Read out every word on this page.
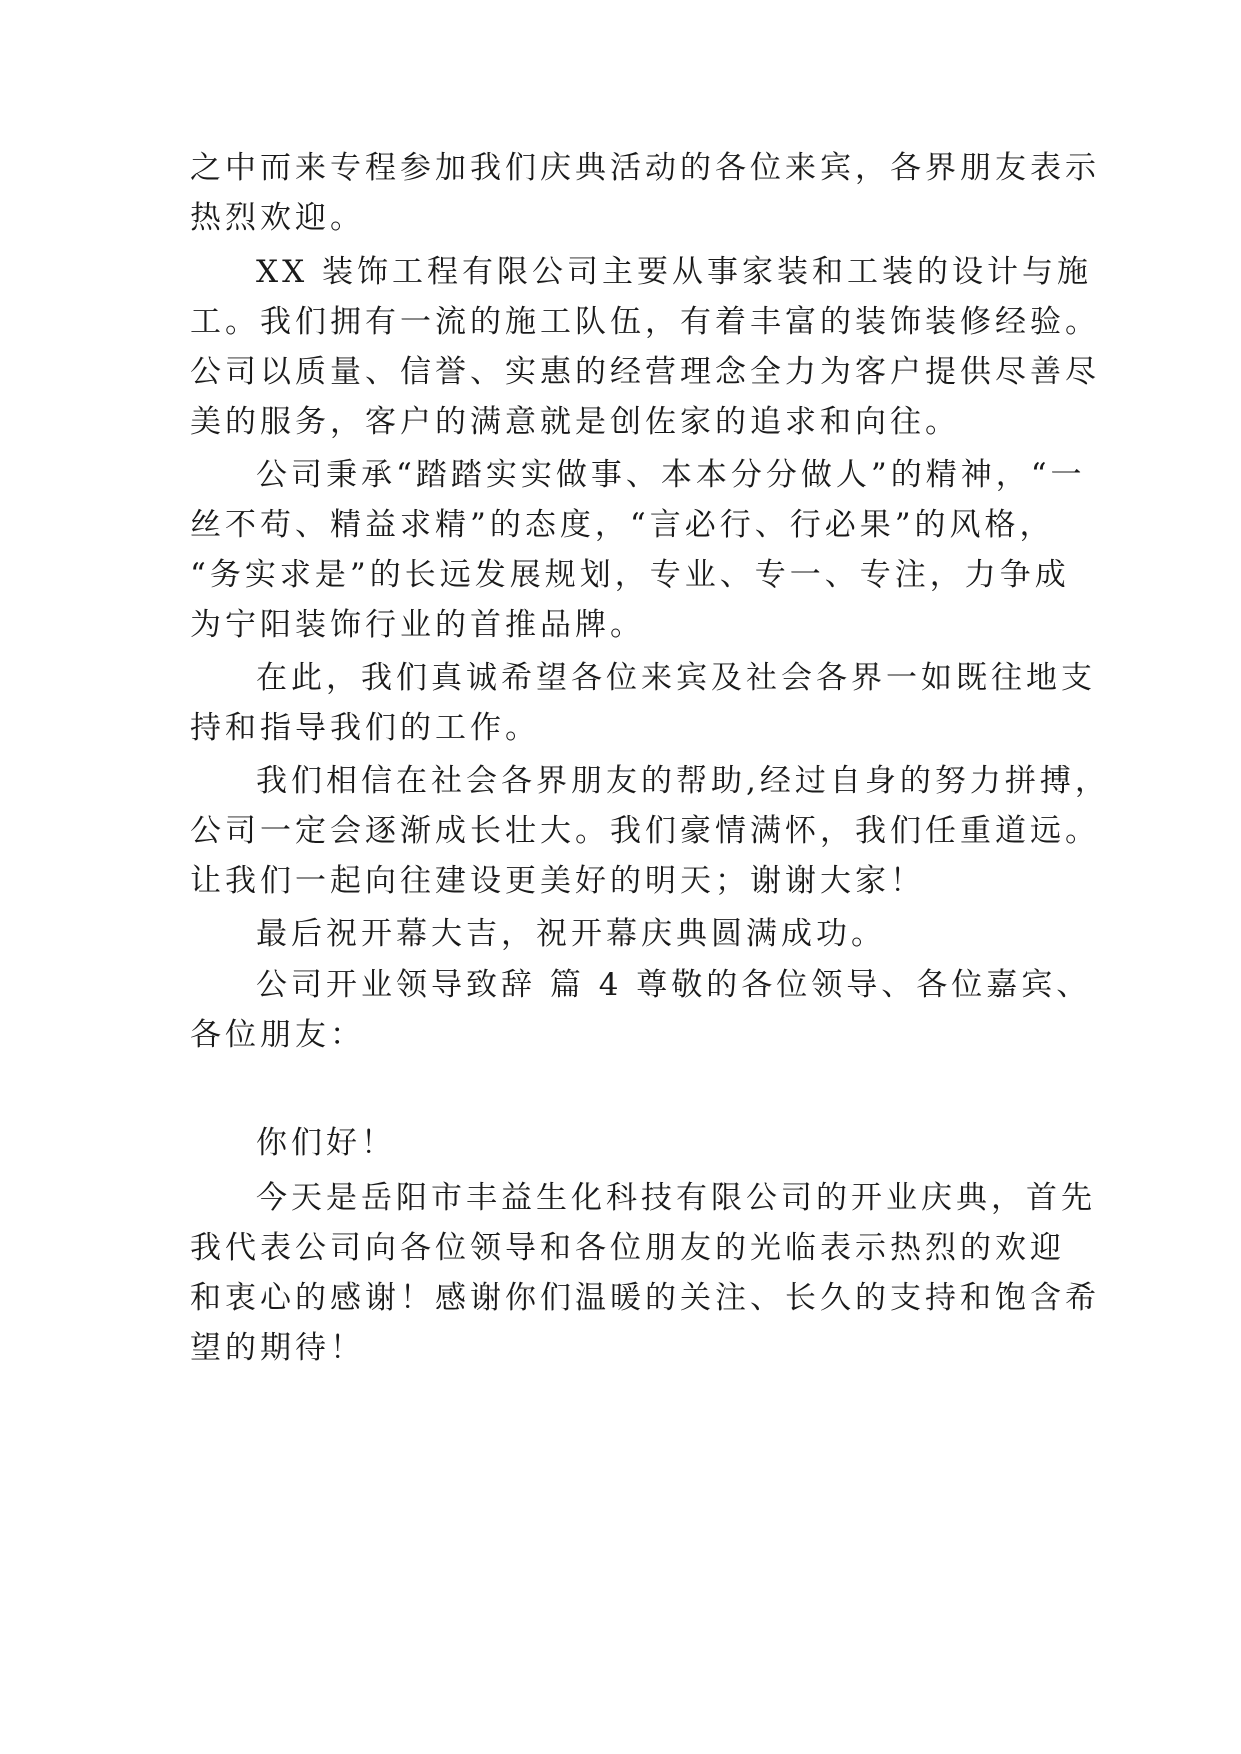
之中而来专程参加我们庆典活动的各位来宾，各界朋友表示
热烈欢迎。
XX 装饰工程有限公司主要从事家装和工装的设计与施
工。我们拥有一流的施工队伍，有着丰富的装饰装修经验。
公司以质量、信誉、实惠的经营理念全力为客户提供尽善尽
美的服务，客户的满意就是创佐家的追求和向往。
公司秉承“踏踏实实做事、本本分分做人”的精神，“一
丝不苟、精益求精”的态度，“言必行、行必果”的风格，
“务实求是”的长远发展规划，专业、专一、专注，力争成
为宁阳装饰行业的首推品牌。
在此，我们真诚希望各位来宾及社会各界一如既往地支
持和指导我们的工作。
我们相信在社会各界朋友的帮助,经过自身的努力拼搏，
公司一定会逐渐成长壮大。我们豪情满怀，我们任重道远。
让我们一起向往建设更美好的明天；谢谢大家！
最后祝开幕大吉，祝开幕庆典圆满成功。
公司开业领导致辞 篇 4 尊敬的各位领导、各位嘉宾、
各位朋友：
你们好！
今天是岳阳市丰益生化科技有限公司的开业庆典，首先
我代表公司向各位领导和各位朋友的光临表示热烈的欢迎
和衷心的感谢！感谢你们温暖的关注、长久的支持和饱含希
望的期待！
